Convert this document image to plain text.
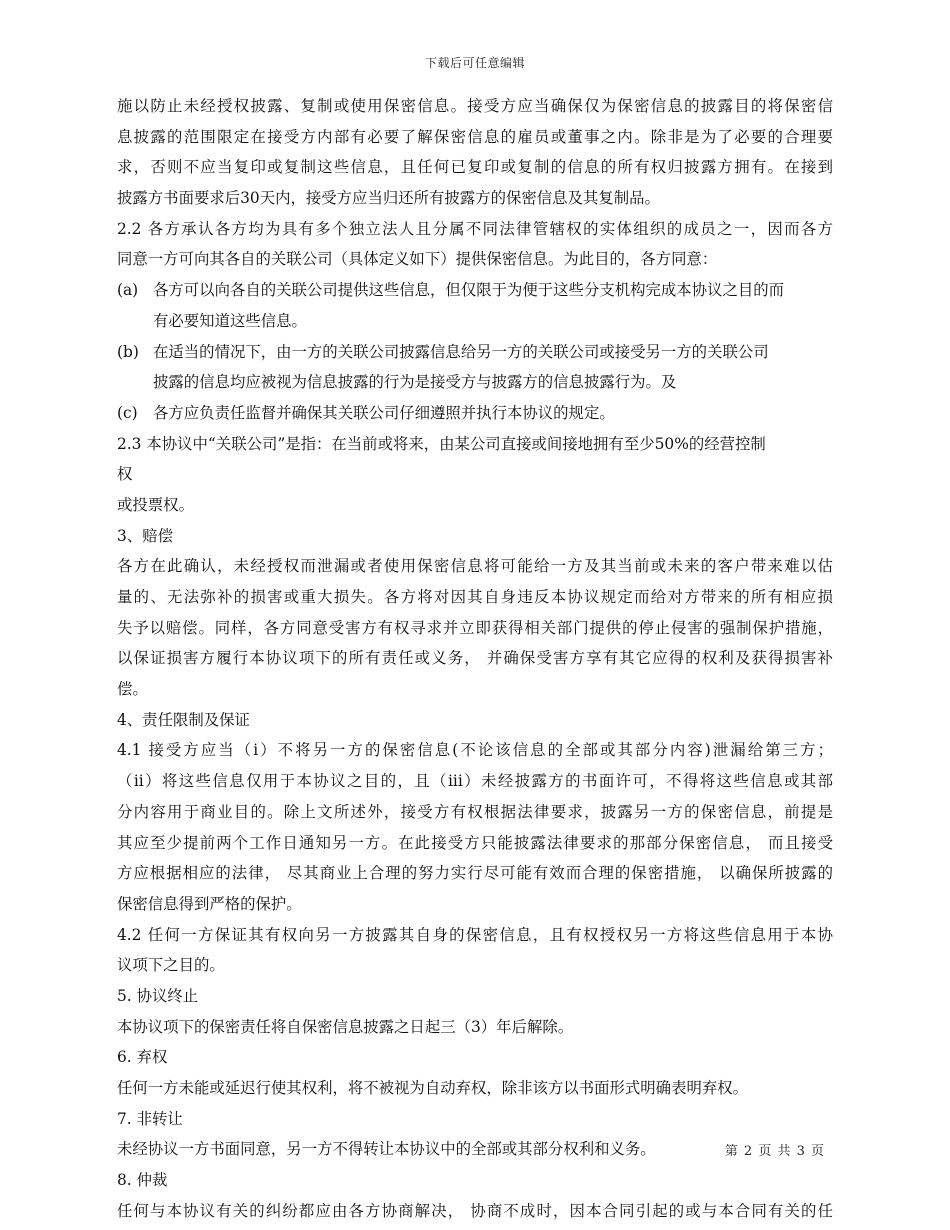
下载后可任意编辑
施以防止未经授权披露、复制或使用保密信息。接受方应当确保仅为保密信息的披露目的将保密信
息披露的范围限定在接受方内部有必要了解保密信息的雇员或董事之内。除非是为了必要的合理要
求，否则不应当复印或复制这些信息，且任何已复印或复制的信息的所有权归披露方拥有。在接到
披露方书面要求后30天内，接受方应当归还所有披露方的保密信息及其复制品。
2.2 各方承认各方均为具有多个独立法人且分属不同法律管辖权的实体组织的成员之一，因而各方
同意一方可向其各自的关联公司（具体定义如下）提供保密信息。为此目的，各方同意：
(a) 各方可以向各自的关联公司提供这些信息，但仅限于为便于这些分支机构完成本协议之目的而
有必要知道这些信息。
(b) 在适当的情况下，由一方的关联公司披露信息给另一方的关联公司或接受另一方的关联公司
披露的信息均应被视为信息披露的行为是接受方与披露方的信息披露行为。及
(c) 各方应负责任监督并确保其关联公司仔细遵照并执行本协议的规定。
2.3 本协议中“关联公司”是指：在当前或将来，由某公司直接或间接地拥有至少50%的经营控制
权
或投票权。
3、赔偿
各方在此确认，未经授权而泄漏或者使用保密信息将可能给一方及其当前或未来的客户带来难以估
量的、无法弥补的损害或重大损失。各方将对因其自身违反本协议规定而给对方带来的所有相应损
失予以赔偿。同样，各方同意受害方有权寻求并立即获得相关部门提供的停止侵害的强制保护措施，
以保证损害方履行本协议项下的所有责任或义务， 并确保受害方享有其它应得的权利及获得损害补
偿。
4、责任限制及保证
4.1 接受方应当（i）不将另一方的保密信息(不论该信息的全部或其部分内容)泄漏给第三方；
（ii）将这些信息仅用于本协议之目的，且（iii）未经披露方的书面许可，不得将这些信息或其部
分内容用于商业目的。除上文所述外，接受方有权根据法律要求，披露另一方的保密信息，前提是
其应至少提前两个工作日通知另一方。在此接受方只能披露法律要求的那部分保密信息， 而且接受
方应根据相应的法律， 尽其商业上合理的努力实行尽可能有效而合理的保密措施， 以确保所披露的
保密信息得到严格的保护。
4.2 任何一方保证其有权向另一方披露其自身的保密信息，且有权授权另一方将这些信息用于本协
议项下之目的。
5. 协议终止
本协议项下的保密责任将自保密信息披露之日起三（3）年后解除。
6. 弃权
任何一方未能或延迟行使其权利，将不被视为自动弃权，除非该方以书面形式明确表明弃权。
7. 非转让
未经协议一方书面同意，另一方不得转让本协议中的全部或其部分权利和义务。
8. 仲裁
任何与本协议有关的纠纷都应由各方协商解决， 协商不成时，因本合同引起的或与本合同有关的任
第 2 页 共 3 页
